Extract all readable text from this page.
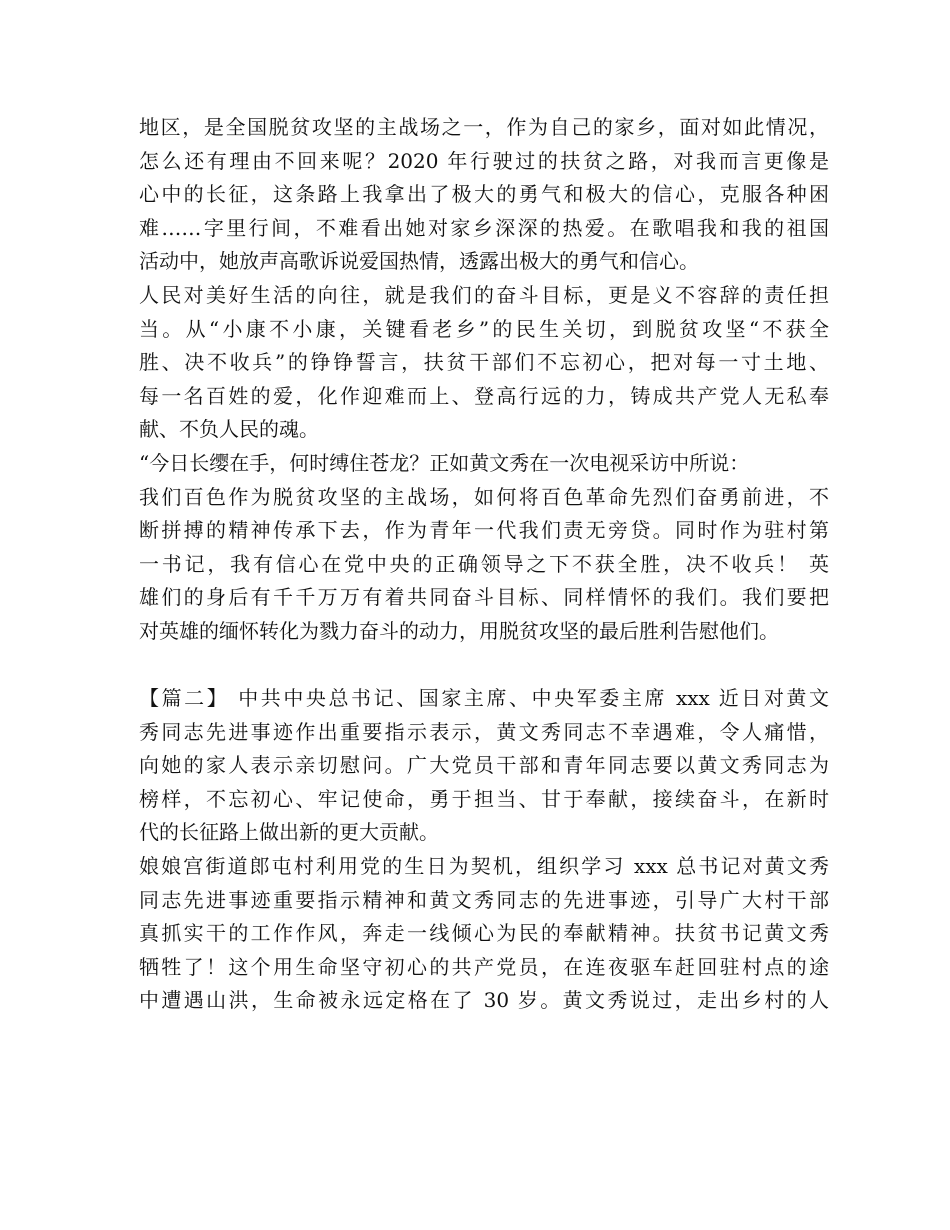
地区，是全国脱贫攻坚的主战场之一，作为自己的家乡，面对如此情况，
怎么还有理由不回来呢？2020 年行驶过的扶贫之路，对我而言更像是
心中的长征，这条路上我拿出了极大的勇气和极大的信心，克服各种困
难……字里行间，不难看出她对家乡深深的热爱。在歌唱我和我的祖国
活动中，她放声高歌诉说爱国热情，透露出极大的勇气和信心。
人民对美好生活的向往，就是我们的奋斗目标，更是义不容辞的责任担
当。从“小康不小康，关键看老乡”的民生关切，到脱贫攻坚“不获全
胜、决不收兵”的铮铮誓言，扶贫干部们不忘初心，把对每一寸土地、
每一名百姓的爱，化作迎难而上、登高行远的力，铸成共产党人无私奉
献、不负人民的魂。
“今日长缨在手，何时缚住苍龙？正如黄文秀在一次电视采访中所说：
我们百色作为脱贫攻坚的主战场，如何将百色革命先烈们奋勇前进，不
断拼搏的精神传承下去，作为青年一代我们责无旁贷。同时作为驻村第
一书记，我有信心在党中央的正确领导之下不获全胜，决不收兵！ 英
雄们的身后有千千万万有着共同奋斗目标、同样情怀的我们。我们要把
对英雄的缅怀转化为戮力奋斗的动力，用脱贫攻坚的最后胜利告慰他们。
【篇二】 中共中央总书记、国家主席、中央军委主席 xxx 近日对黄文
秀同志先进事迹作出重要指示表示，黄文秀同志不幸遇难，令人痛惜，
向她的家人表示亲切慰问。广大党员干部和青年同志要以黄文秀同志为
榜样，不忘初心、牢记使命，勇于担当、甘于奉献，接续奋斗，在新时
代的长征路上做出新的更大贡献。
娘娘宫街道郎屯村利用党的生日为契机，组织学习 xxx 总书记对黄文秀
同志先进事迹重要指示精神和黄文秀同志的先进事迹，引导广大村干部
真抓实干的工作作风，奔走一线倾心为民的奉献精神。扶贫书记黄文秀
牺牲了！这个用生命坚守初心的共产党员，在连夜驱车赶回驻村点的途
中遭遇山洪，生命被永远定格在了 30 岁。黄文秀说过，走出乡村的人
